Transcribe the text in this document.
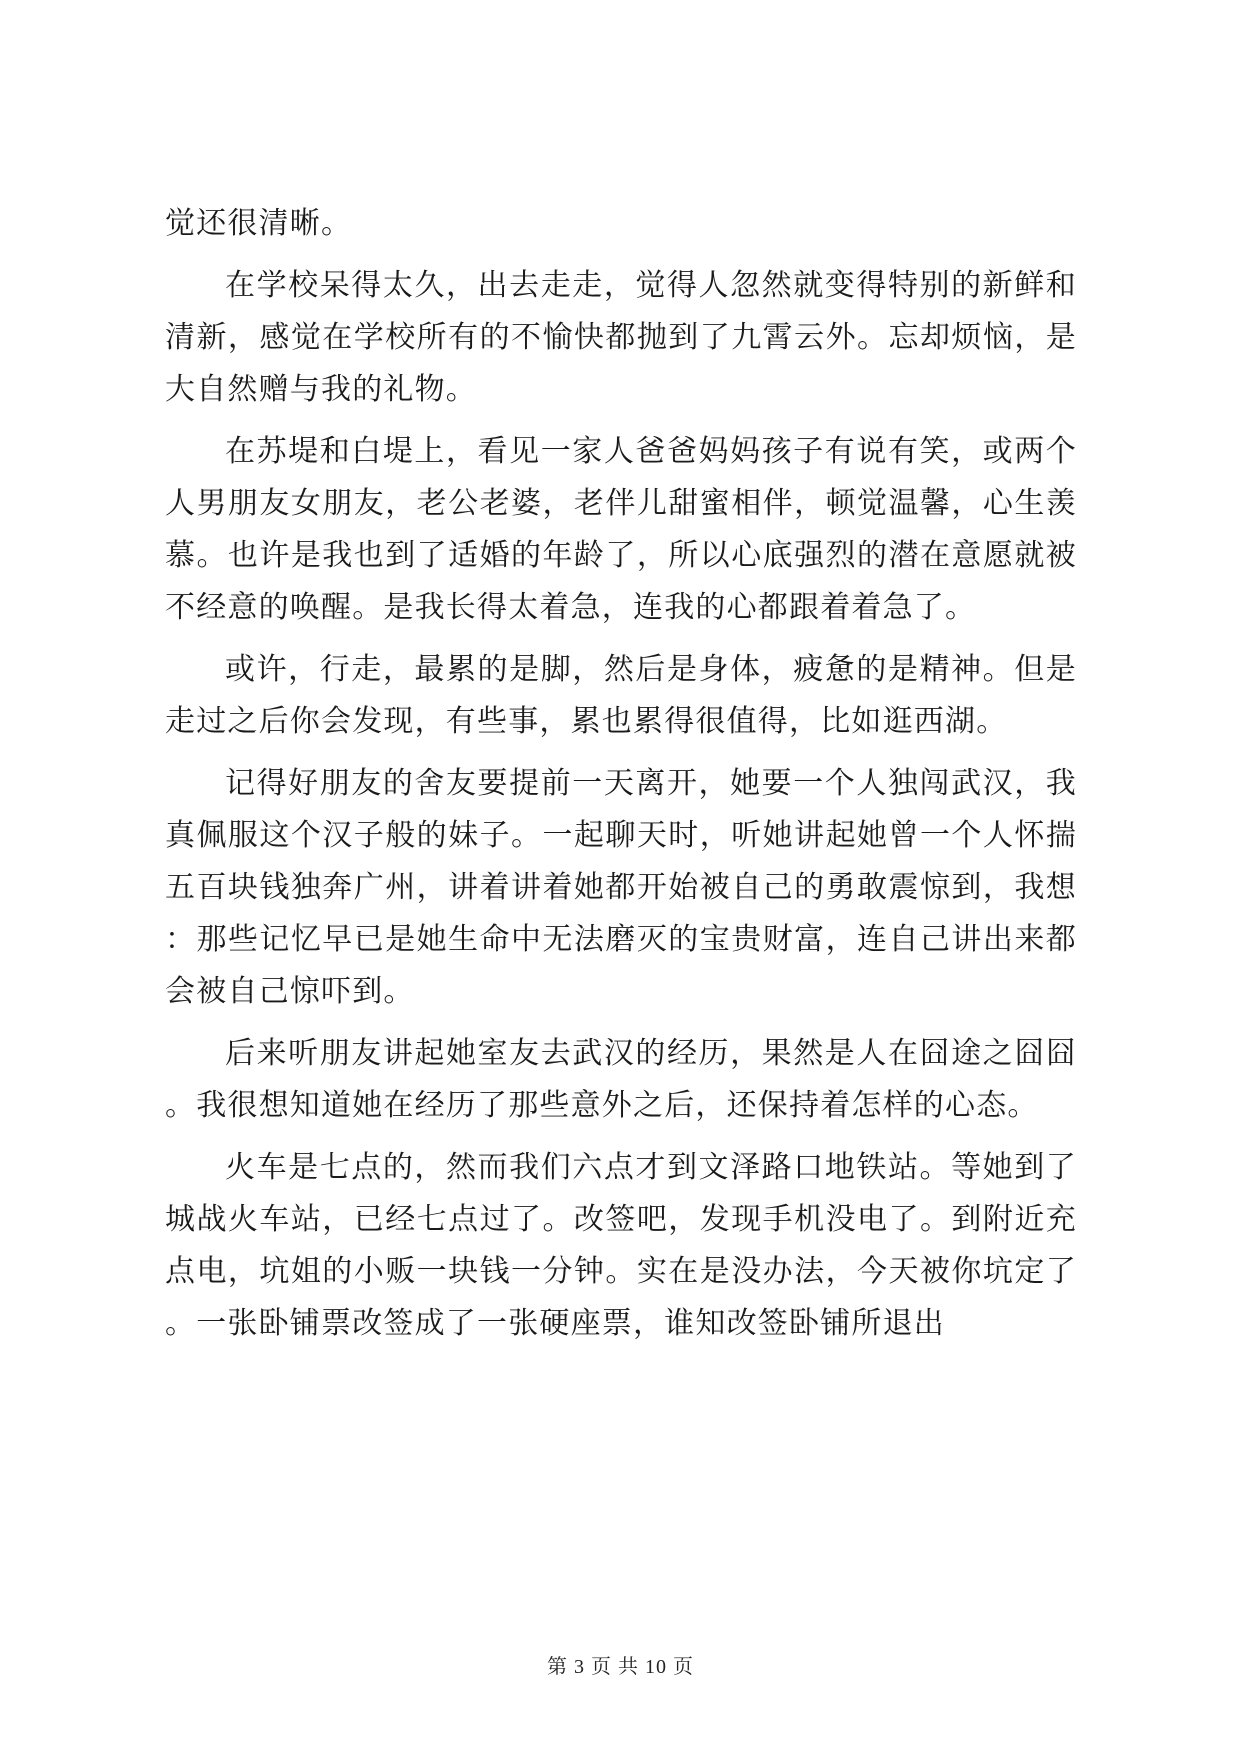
觉还很清晰。

在学校呆得太久，出去走走，觉得人忽然就变得特别的新鲜和清新，感觉在学校所有的不愉快都抛到了九霄云外。忘却烦恼，是大自然赠与我的礼物。

在苏堤和白堤上，看见一家人爸爸妈妈孩子有说有笑，或两个人男朋友女朋友，老公老婆，老伴儿甜蜜相伴，顿觉温馨，心生羡慕。也许是我也到了适婚的年龄了，所以心底强烈的潜在意愿就被不经意的唤醒。是我长得太着急，连我的心都跟着着急了。

或许，行走，最累的是脚，然后是身体，疲惫的是精神。但是走过之后你会发现，有些事，累也累得很值得，比如逛西湖。

记得好朋友的舍友要提前一天离开，她要一个人独闯武汉，我真佩服这个汉子般的妹子。一起聊天时，听她讲起她曾一个人怀揣五百块钱独奔广州，讲着讲着她都开始被自己的勇敢震惊到，我想：那些记忆早已是她生命中无法磨灭的宝贵财富，连自己讲出来都会被自己惊吓到。

后来听朋友讲起她室友去武汉的经历，果然是人在囧途之囧囧。我很想知道她在经历了那些意外之后，还保持着怎样的心态。

火车是七点的，然而我们六点才到文泽路口地铁站。等她到了城战火车站，已经七点过了。改签吧，发现手机没电了。到附近充点电，坑姐的小贩一块钱一分钟。实在是没办法，今天被你坑定了。一张卧铺票改签成了一张硬座票，谁知改签卧铺所退出

第 3 页 共 10 页
